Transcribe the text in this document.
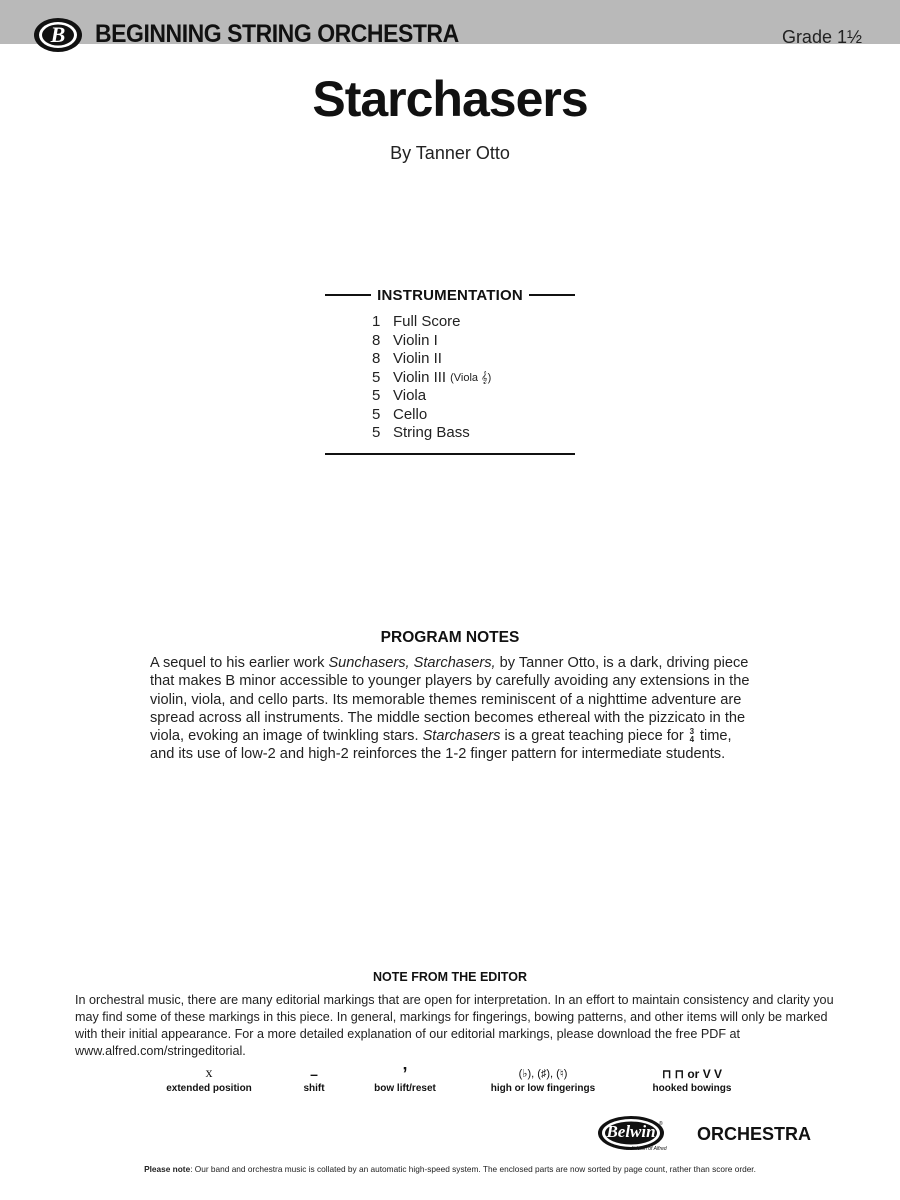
B BEGINNING STRING ORCHESTRA	Grade 1½
Starchasers
By Tanner Otto
INSTRUMENTATION
1 Full Score
8 Violin I
8 Violin II
5 Violin III (Viola 𝄞)
5 Viola
5 Cello
5 String Bass
PROGRAM NOTES
A sequel to his earlier work Sunchasers, Starchasers, by Tanner Otto, is a dark, driving piece that makes B minor accessible to younger players by carefully avoiding any extensions in the violin, viola, and cello parts. Its memorable themes reminiscent of a nighttime adventure are spread across all instruments. The middle section becomes ethereal with the pizzicato in the viola, evoking an image of twinkling stars. Starchasers is a great teaching piece for 3
4 time, and its use of low-2 and high-2 reinforces the 1-2 finger pattern for intermediate students.
NOTE FROM THE EDITOR
In orchestral music, there are many editorial markings that are open for interpretation. In an effort to maintain consistency and clarity you may find some of these markings in this piece. In general, markings for fingerings, bowing patterns, and other items will only be marked with their initial appearance. For a more detailed explanation of our editorial markings, please download the free PDF at www.alfred.com/stringeditorial.
x
extended position
–
shift
’
bow lift/reset
(♭), (♯), (♮)
high or low fingerings
⊓ ⊓ or V V
hooked bowings
Belwin ®
a division of Alfred
ORCHESTRA
Please note: Our band and orchestra music is collated by an automatic high-speed system. The enclosed parts are now sorted by page count, rather than score order.
